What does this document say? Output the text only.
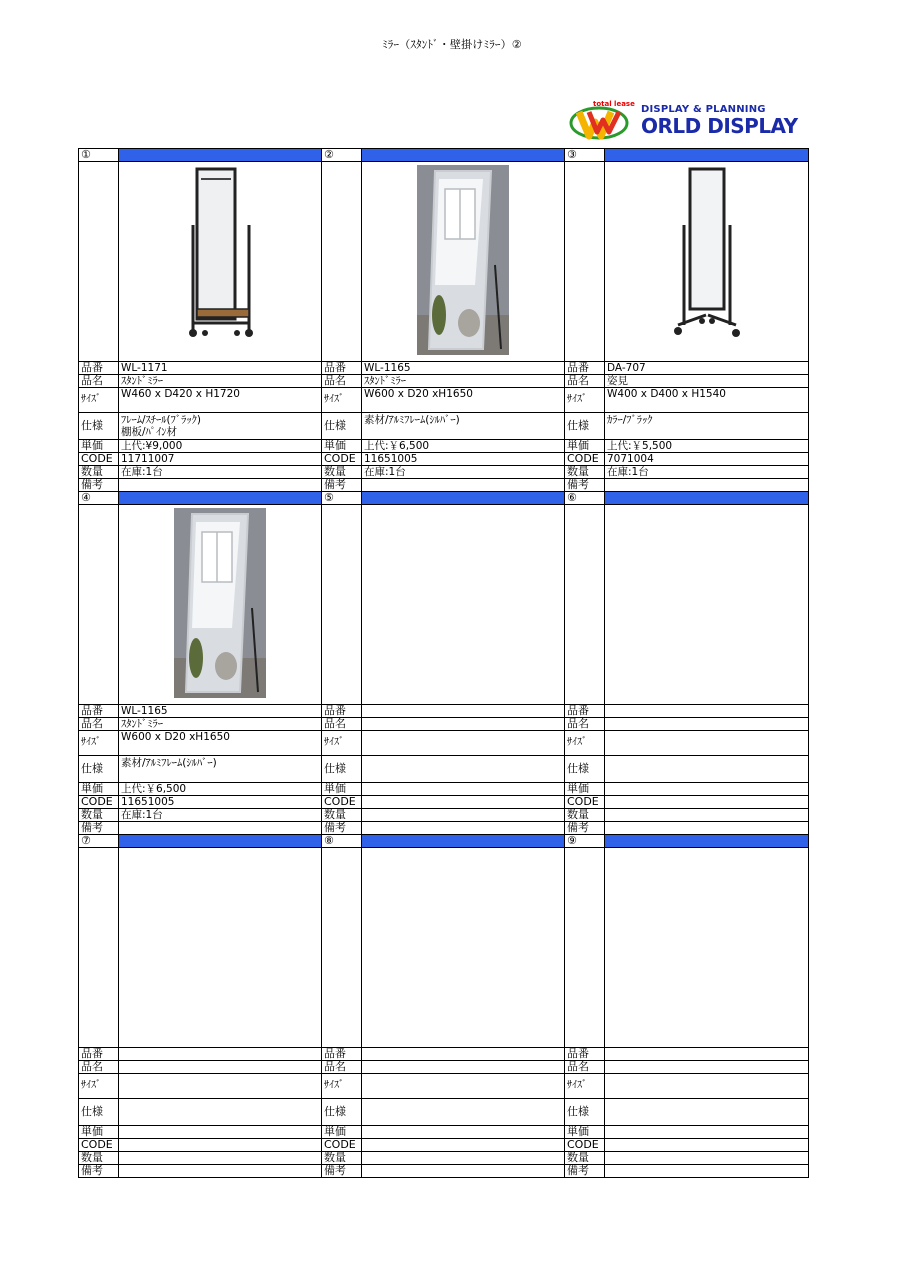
ﾐﾗｰ（ｽﾀﾝﾄﾞ・壁掛けﾐﾗｰ）②
total lease DISPLAY & PLANNING
ORLD DISPLAY
①
品番	WL-1171
品名	ｽﾀﾝﾄﾞﾐﾗｰ
ｻｲｽﾞ	W460 x D420 x H1720
仕様	ﾌﾚｰﾑ/ｽﾁｰﾙ(ﾌﾞﾗｯｸ)
棚板/ﾊﾟｲﾝ材
単価	上代:¥9,000
CODE 11711007
数量	在庫:1台
備考
②
品番	WL-1165
品名	ｽﾀﾝﾄﾞﾐﾗｰ
ｻｲｽﾞ	W600 x D20 xH1650
仕様	素材/ｱﾙﾐﾌﾚｰﾑ(ｼﾙﾊﾞｰ)
単価	上代:￥6,500
CODE 11651005
数量	在庫:1台
備考
③
品番	DA-707
品名	姿見
ｻｲｽﾞ	W400 x D400 x H1540
仕様	ｶﾗｰ/ﾌﾞﾗｯｸ
単価	上代:￥5,500
CODE 7071004
数量	在庫:1台
備考
④
品番	WL-1165
品名	ｽﾀﾝﾄﾞﾐﾗｰ
ｻｲｽﾞ	W600 x D20 xH1650
仕様	素材/ｱﾙﾐﾌﾚｰﾑ(ｼﾙﾊﾞｰ)
単価	上代:￥6,500
CODE 11651005
数量	在庫:1台
備考
⑤
品番
品名
ｻｲｽﾞ
仕様
単価
CODE
数量
備考
⑥
品番
品名
ｻｲｽﾞ
仕様
単価
CODE
数量
備考
⑦
品番
品名
ｻｲｽﾞ
仕様
単価
CODE
数量
備考
⑧
品番
品名
ｻｲｽﾞ
仕様
単価
CODE
数量
備考
⑨
品番
品名
ｻｲｽﾞ
仕様
単価
CODE
数量
備考
